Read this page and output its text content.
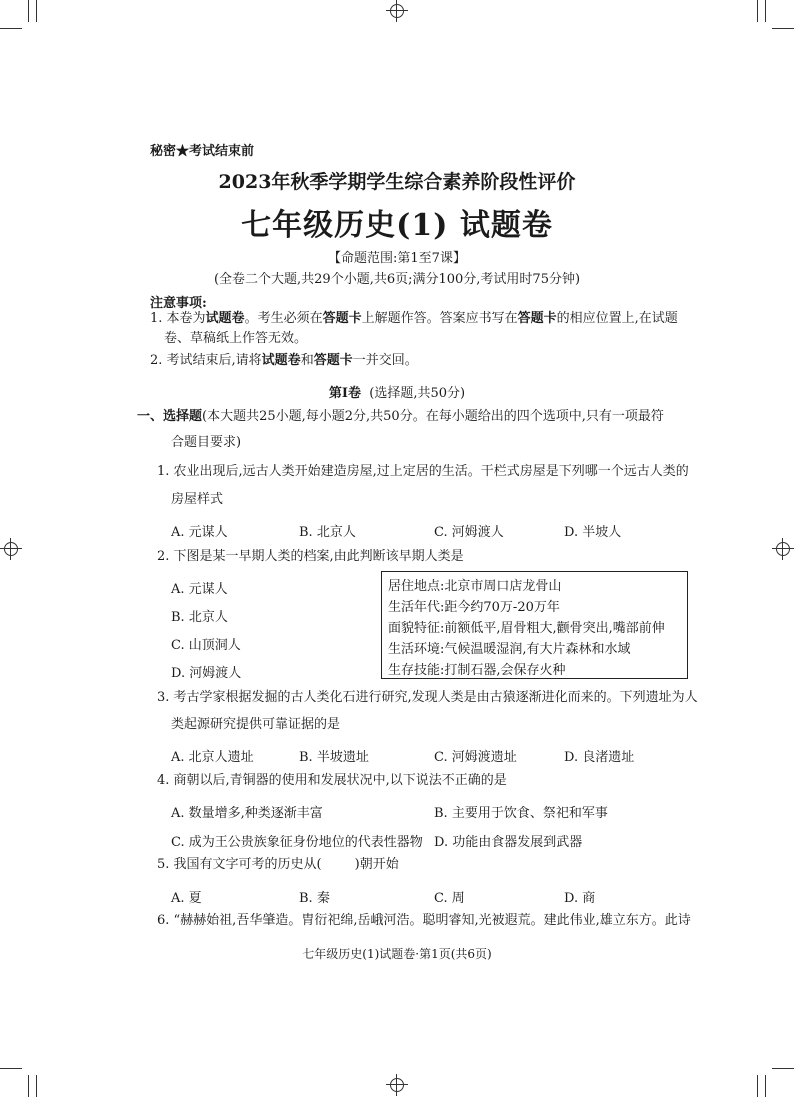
秘密★考试结束前
2023年秋季学期学生综合素养阶段性评价
七年级历史(1) 试题卷
【命题范围:第1至7课】
(全卷二个大题,共29个小题,共6页;满分100分,考试用时75分钟)
注意事项:
1. 本卷为试题卷。考生必须在答题卡上解题作答。答案应书写在答题卡的相应位置上,在试题
卷、草稿纸上作答无效。
2. 考试结束后,请将试题卷和答题卡一并交回。
第Ⅰ卷 (选择题,共50分)
一、选择题(本大题共25小题,每小题2分,共50分。在每小题给出的四个选项中,只有一项最符
合题目要求)
1. 农业出现后,远古人类开始建造房屋,过上定居的生活。干栏式房屋是下列哪一个远古人类的
房屋样式
A. 元谋人	B. 北京人	C. 河姆渡人	D. 半坡人
2. 下图是某一早期人类的档案,由此判断该早期人类是
A. 元谋人
B. 北京人
C. 山顶洞人
D. 河姆渡人
居住地点:北京市周口店龙骨山
生活年代:距今约70万-20万年
面貌特征:前额低平,眉骨粗大,颧骨突出,嘴部前伸
生活环境:气候温暖湿润,有大片森林和水域
生存技能:打制石器,会保存火种
3. 考古学家根据发掘的古人类化石进行研究,发现人类是由古猿逐渐进化而来的。下列遗址为人
类起源研究提供可靠证据的是
A. 北京人遗址	B. 半坡遗址	C. 河姆渡遗址	D. 良渚遗址
4. 商朝以后,青铜器的使用和发展状况中,以下说法不正确的是
A. 数量增多,种类逐渐丰富	B. 主要用于饮食、祭祀和军事
C. 成为王公贵族象征身份地位的代表性器物 D. 功能由食器发展到武器
5. 我国有文字可考的历史从(        )朝开始
A. 夏	B. 秦	C. 周	D. 商
6. “赫赫始祖,吾华肇造。胄衍祀绵,岳峨河浩。聪明睿知,光被遐荒。建此伟业,雄立东方。此诗
七年级历史(1)试题卷·第1页(共6页)
